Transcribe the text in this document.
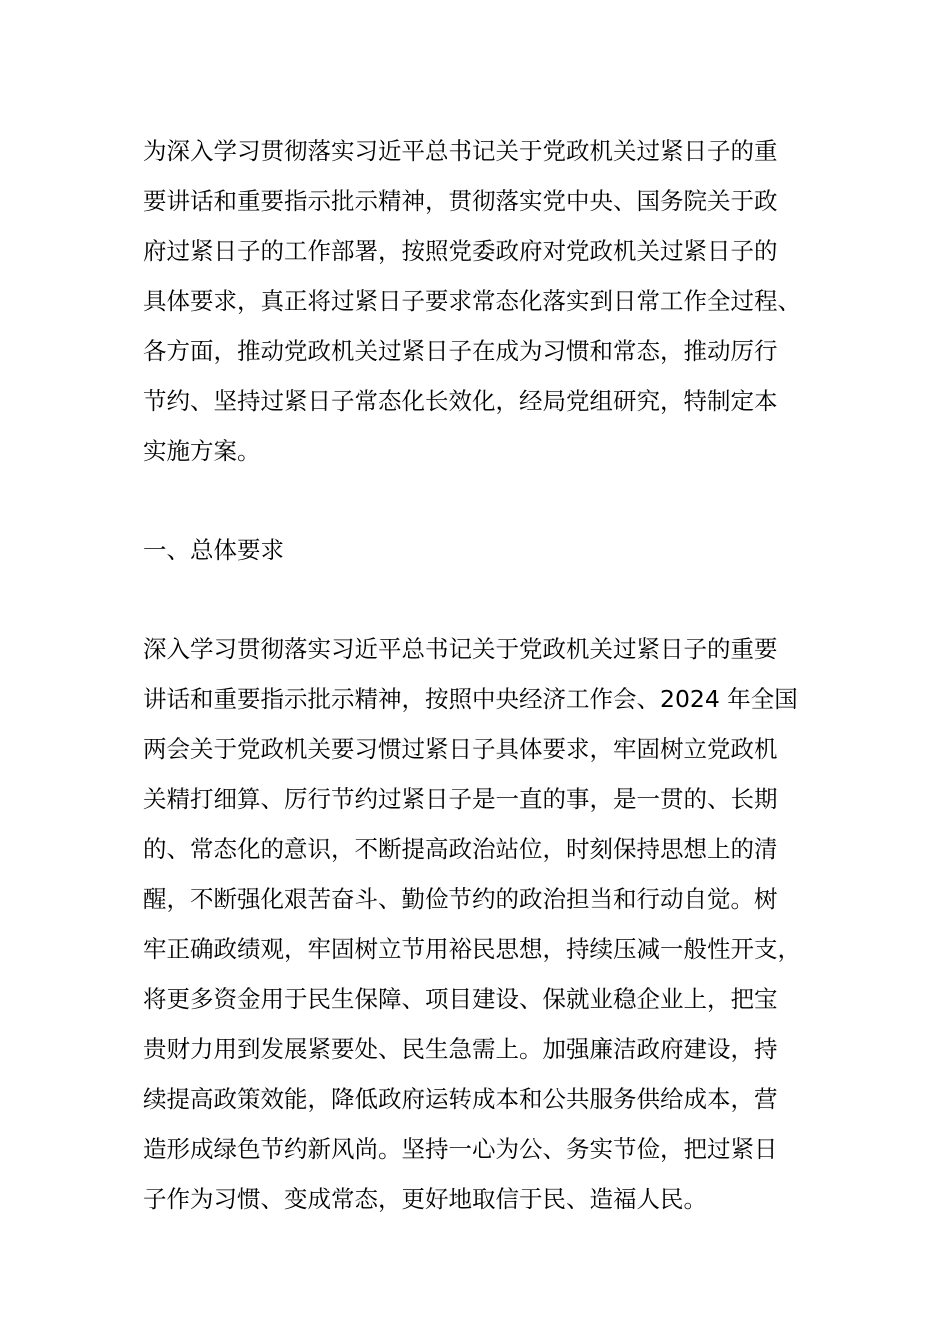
为深入学习贯彻落实习近平总书记关于党政机关过紧日子的重
要讲话和重要指示批示精神，贯彻落实党中央、国务院关于政
府过紧日子的工作部署，按照党委政府对党政机关过紧日子的
具体要求，真正将过紧日子要求常态化落实到日常工作全过程、
各方面，推动党政机关过紧日子在成为习惯和常态，推动厉行
节约、坚持过紧日子常态化长效化，经局党组研究，特制定本
实施方案。
一、总体要求
深入学习贯彻落实习近平总书记关于党政机关过紧日子的重要
讲话和重要指示批示精神，按照中央经济工作会、2024 年全国
两会关于党政机关要习惯过紧日子具体要求，牢固树立党政机
关精打细算、厉行节约过紧日子是一直的事，是一贯的、长期
的、常态化的意识，不断提高政治站位，时刻保持思想上的清
醒，不断强化艰苦奋斗、勤俭节约的政治担当和行动自觉。树
牢正确政绩观，牢固树立节用裕民思想，持续压减一般性开支，
将更多资金用于民生保障、项目建设、保就业稳企业上，把宝
贵财力用到发展紧要处、民生急需上。加强廉洁政府建设，持
续提高政策效能，降低政府运转成本和公共服务供给成本，营
造形成绿色节约新风尚。坚持一心为公、务实节俭，把过紧日
子作为习惯、变成常态，更好地取信于民、造福人民。
